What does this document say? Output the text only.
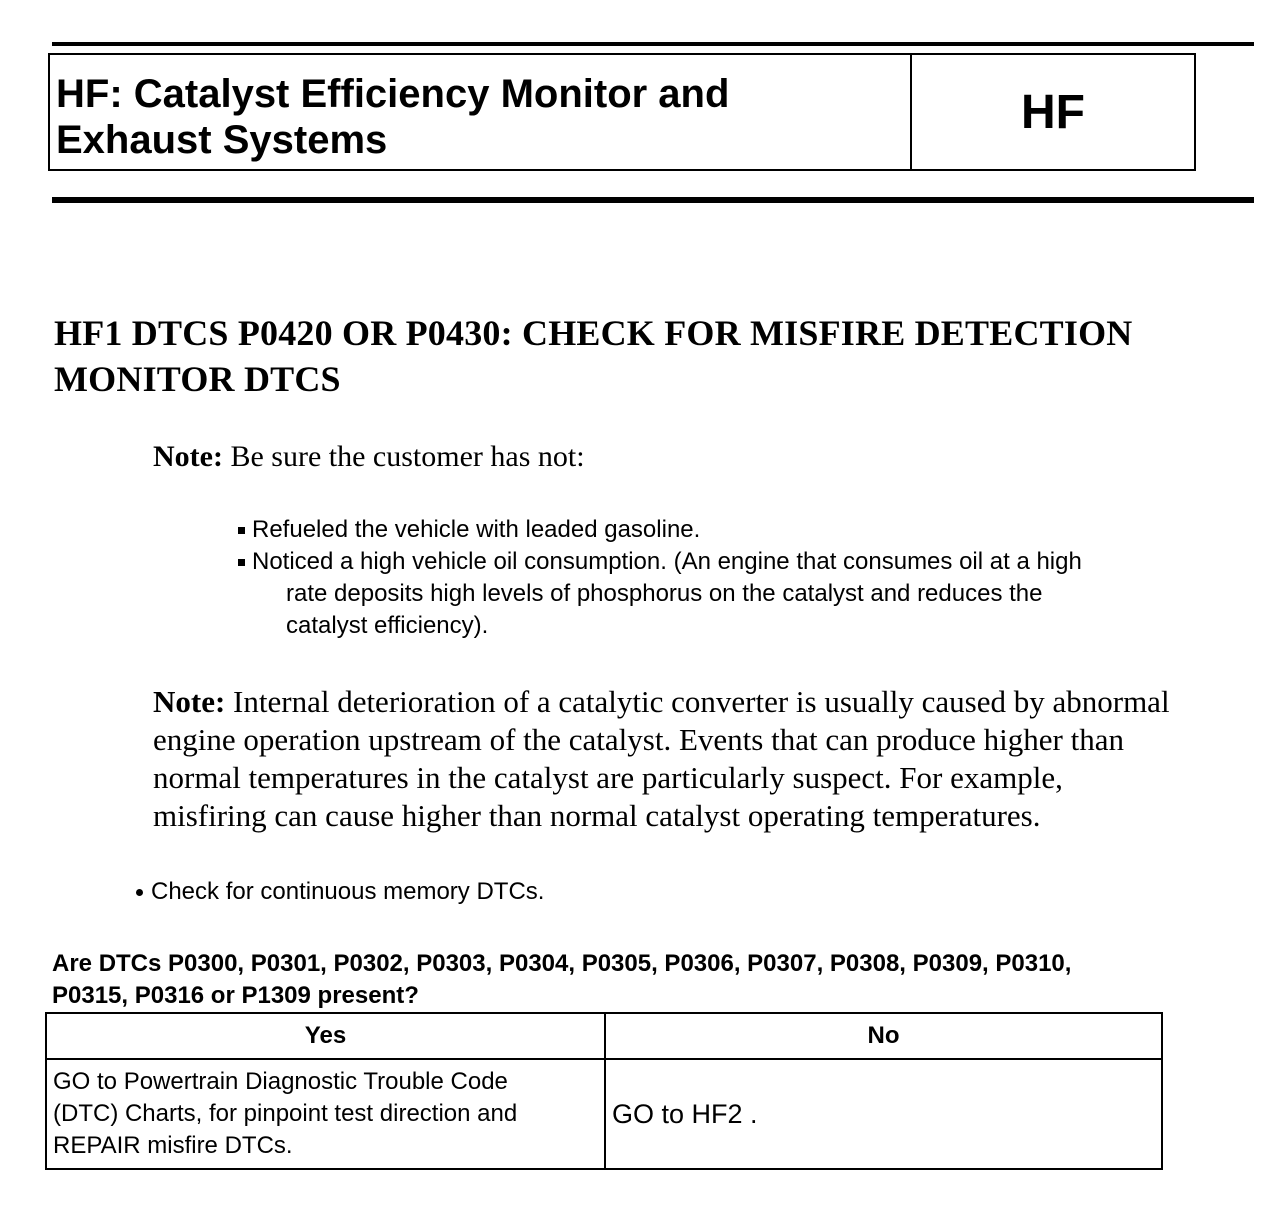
HF: Catalyst Efficiency Monitor and
Exhaust Systems
HF
HF1 DTCS P0420 OR P0430: CHECK FOR MISFIRE DETECTION
MONITOR DTCS

Note: Be sure the customer has not:

Refueled the vehicle with leaded gasoline.
Noticed a high vehicle oil consumption. (An engine that consumes oil at a high
rate deposits high levels of phosphorus on the catalyst and reduces the
catalyst efficiency).
Note: Internal deterioration of a catalytic converter is usually caused by abnormal
engine operation upstream of the catalyst. Events that can produce higher than
normal temperatures in the catalyst are particularly suspect. For example,
misfiring can cause higher than normal catalyst operating temperatures.

Check for continuous memory DTCs.

Are DTCs P0300, P0301, P0302, P0303, P0304, P0305, P0306, P0307, P0308, P0309, P0310,
P0315, P0316 or P1309 present?
Yes	No

GO to Powertrain Diagnostic Trouble Code
(DTC) Charts, for pinpoint test direction and
REPAIR misfire DTCs.	GO to HF2 .
